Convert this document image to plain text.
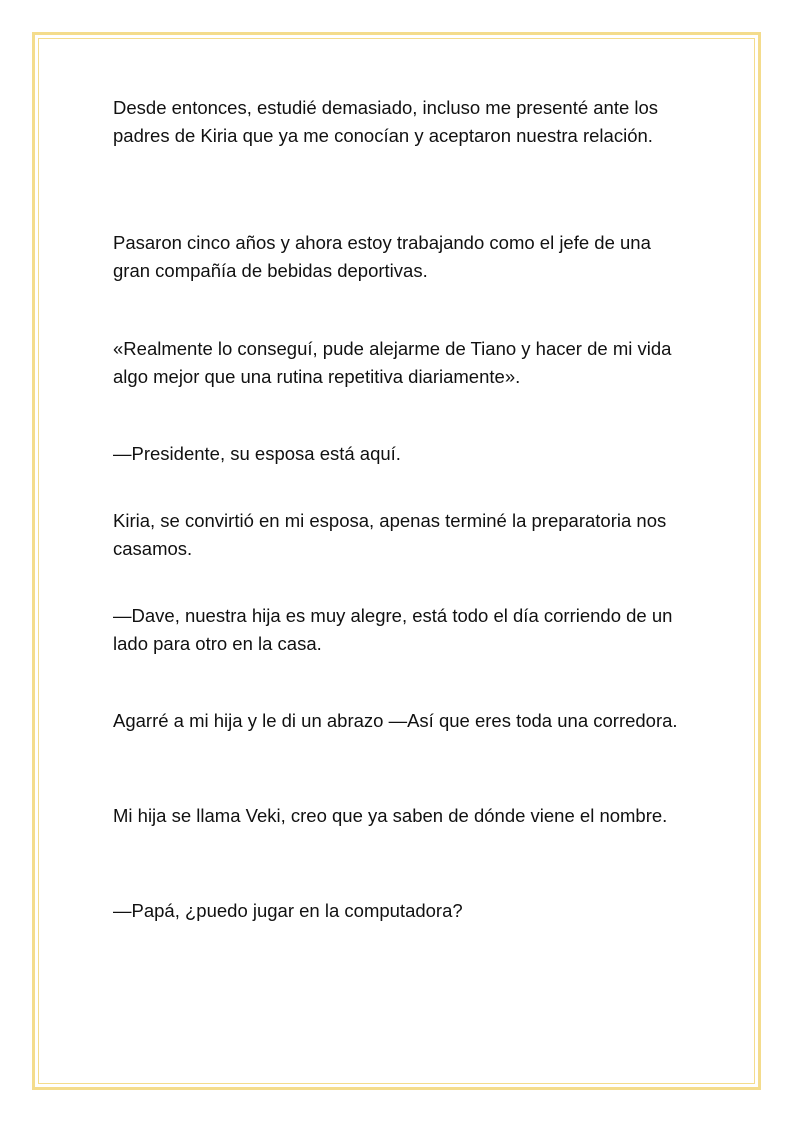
Desde entonces, estudié demasiado, incluso me presenté ante los padres de Kiria que ya me conocían y aceptaron nuestra relación.

Pasaron cinco años y ahora estoy trabajando como el jefe de una gran compañía de bebidas deportivas.

«Realmente lo conseguí, pude alejarme de Tiano y hacer de mi vida algo mejor que una rutina repetitiva diariamente».

—Presidente, su esposa está aquí.

Kiria, se convirtió en mi esposa, apenas terminé la preparatoria nos casamos.

—Dave, nuestra hija es muy alegre, está todo el día corriendo de un lado para otro en la casa.

Agarré a mi hija y le di un abrazo —Así que eres toda una corredora.

Mi hija se llama Veki, creo que ya saben de dónde viene el nombre.

—Papá, ¿puedo jugar en la computadora?
